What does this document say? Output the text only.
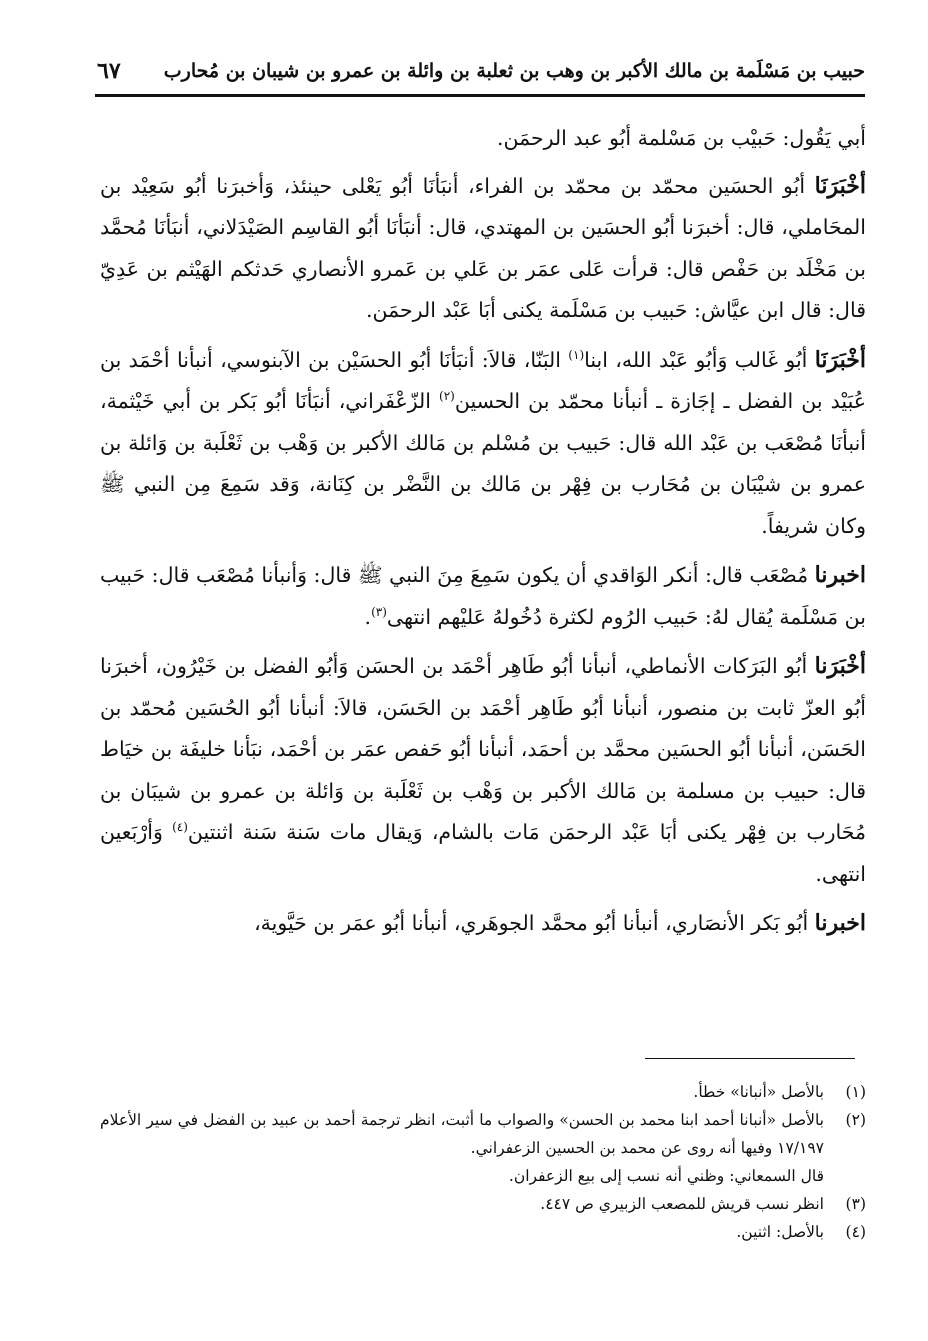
حبيب بن مَسْلَمة بن مالك الأكبر بن وهب بن ثعلبة بن وائلة بن عمرو بن شيبان بن مُحارب
٦٧

أبي يَقُول: حَبيْب بن مَسْلمة أبُو عبد الرحمَن.

أخْبَرَنَا أبُو الحسَين محمّد بن محمّد بن الفراء، أنبَأنَا أبُو يَعْلى حينئذ، وَأخبرَنا أبُو سَعِيْد بن المحَاملي، قال: أخبرَنا أبُو الحسَين بن المهتدي، قال: أنبَأنَا أبُو القاسِم الصَيْدَلاني، أنبَأنَا مُحمَّد بن مَخْلَد بن حَفْص قال: قرأت عَلى عمَر بن عَلي بن عَمرو الأنصاري حَدثكم الهَيْثم بن عَدِيّ قال: قال ابن عيَّاش: حَبيب بن مَسْلَمة يكنى أبَا عَبْد الرحمَن.

أخْبَرَنَا أبُو غَالب وَأبُو عَبْد الله، ابنا$^{(١)}$ البَنّا، قالاَ: أنبَأنَا أبُو الحسَيْن بن الآبنوسي، أنبأنا أحْمَد بن عُبَيْد بن الفضل ـ إجَازة ـ أنبأنا محمّد بن الحسين$^{(٢)}$ الزّعْفَراني، أنبَأنَا أبُو بَكر بن أبي خَيْثمة، أنبأنَا مُصْعَب بن عَبْد الله قال: حَبيب بن مُسْلم بن مَالك الأكبر بن وَهْب بن ثَعْلَبة بن وَائلة بن عمرو بن شيْبَان بن مُحَارب بن فِهْر بن مَالك بن النَّضْر بن كِنَانة، وَقد سَمِعَ مِن النبي ﷺ وكان شريفاً.

اخبرنا مُصْعَب قال: أنكر الوَاقدي أن يكون سَمِعَ مِنَ النبي ﷺ قال: وَأنبأنا مُصْعَب قال: حَبيب بن مَسْلَمة يُقال لهُ: حَبيب الرُوم لكثرة دُخُولهُ عَليْهم انتهى$^{(٣)}$.

أخْبَرَنا أبُو البَرَكات الأنماطي، أنبأنا أبُو طَاهِر أحْمَد بن الحسَن وَأبُو الفضل بن خَيْرُون، أخبرَنا أبُو العزّ ثابت بن منصور، أنبأنا أبُو طَاهِر أحْمَد بن الحَسَن، قالاَ: أنبأنا أبُو الحُسَين مُحمّد بن الحَسَن، أنبأنا أبُو الحسَين محمَّد بن أحمَد، أنبأنا أبُو حَفص عمَر بن أحْمَد، نبَأنا خليفَة بن خيَاط قال: حبيب بن مسلمة بن مَالك الأكبر بن وَهْب بن ثَعْلَبة بن وَائلة بن عمرو بن شيبَان بن مُحَارب بن فِهْر يكنى أبَا عَبْد الرحمَن مَات بالشام، وَيقال مات سَنة سَنة اثنتين$^{(٤)}$ وَأرْبَعين انتهى.

اخبرنا أبُو بَكر الأنصَاري، أنبأنا أبُو محمَّد الجوهَري، أنبأنا أبُو عمَر بن حَيَّوية،

(١)
بالأصل «أنبانا» خطأ.
(٢)
بالأصل «أنبانا أحمد ابنا محمد بن الحسن» والصواب ما أثبت، انظر ترجمة أحمد بن عبيد بن الفضل في سير الأعلام ١٧/١٩٧ وفيها أنه روى عن محمد بن الحسين الزعفراني.
قال السمعاني: وظني أنه نسب إلى بيع الزعفران.
(٣)
انظر نسب قريش للمصعب الزبيري ص ٤٤٧.
(٤)
بالأصل: اثنين.
